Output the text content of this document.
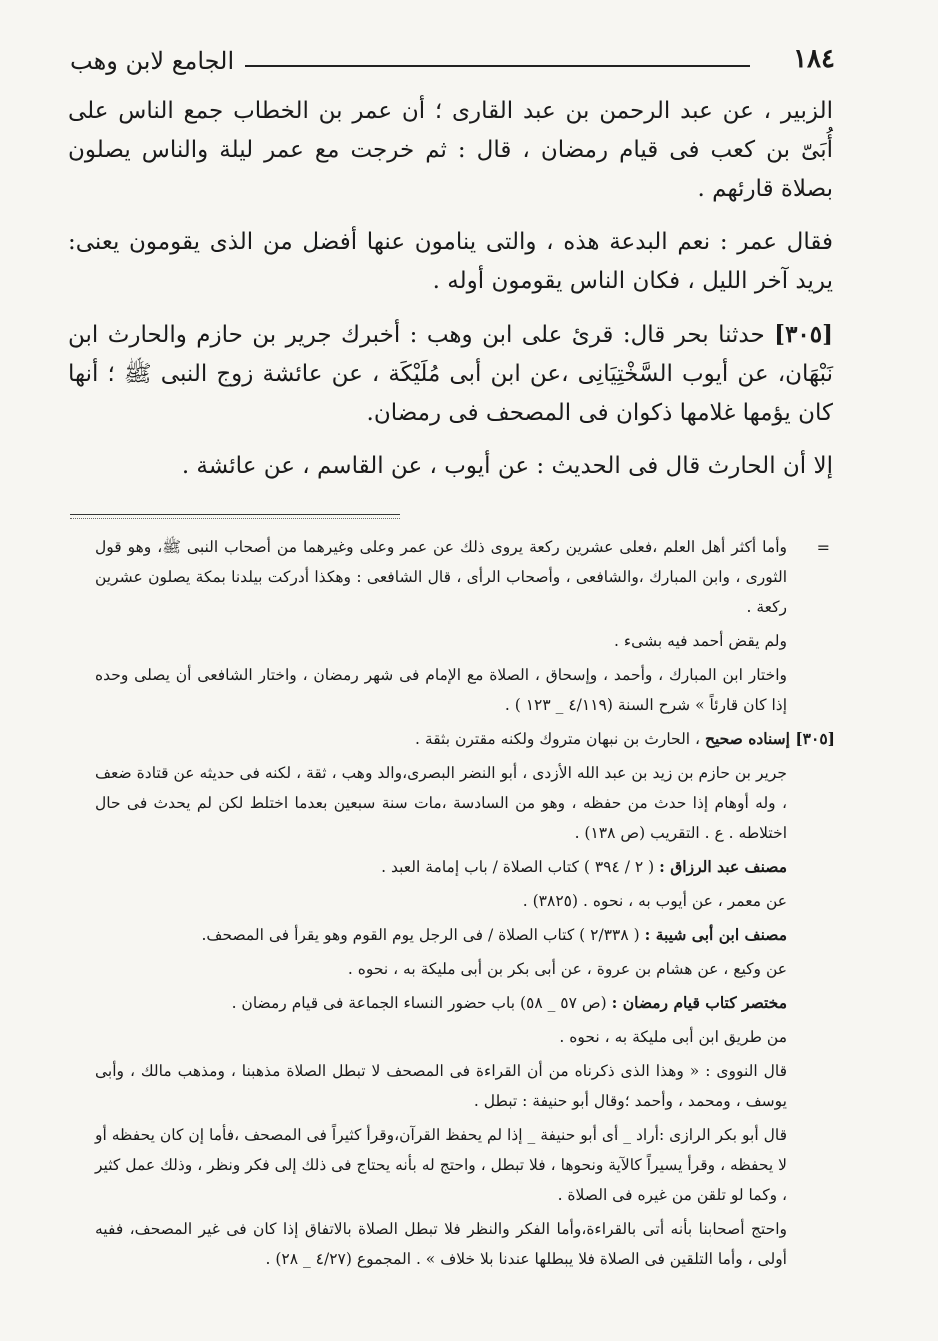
١٨٤
الجامع لابن وهب

الزبير ، عن عبد الرحمن بن عبد القارى ؛ أن عمر بن الخطاب جمع الناس على أُبَىّ بن كعب فى قيام رمضان ، قال : ثم خرجت مع عمر ليلة والناس يصلون بصلاة قارئهم .

فقال عمر : نعم البدعة هذه ، والتى ينامون عنها أفضل من الذى يقومون يعنى: يريد آخر الليل ، فكان الناس يقومون أوله .

[٣٠٥] حدثنا بحر قال: قرئ على ابن وهب : أخبرك جرير بن حازم والحارث ابن نَبْهَان، عن أيوب السَّخْتِيَانِى ،عن ابن أبى مُلَيْكَة ، عن عائشة زوج النبى ﷺ ؛ أنها كان يؤمها غلامها ذكوان فى المصحف فى رمضان.

إلا أن الحارث قال فى الحديث : عن أيوب ، عن القاسم ، عن عائشة .

=

وأما أكثر أهل العلم ،فعلى عشرين ركعة يروى ذلك عن عمر وعلى وغيرهما من أصحاب النبى ﷺ، وهو قول الثورى ، وابن المبارك ،والشافعى ، وأصحاب الرأى ، قال الشافعى : وهكذا أدركت بيلدنا بمكة يصلون عشرين ركعة .

ولم يقض أحمد فيه بشىء .

واختار ابن المبارك ، وأحمد ، وإسحاق ، الصلاة مع الإمام فى شهر رمضان ، واختار الشافعى أن يصلى وحده إذا كان قارئاً » شرح السنة (٤/١١٩ _ ١٢٣ ) .

[٣٠٥] إسناده صحيح ، الحارث بن نبهان متروك ولكنه مقترن بثقة .

جرير بن حازم بن زيد بن عبد الله الأزدى ، أبو النضر البصرى،والد وهب ، ثقة ، لكنه فى حديثه عن قتادة ضعف ، وله أوهام إذا حدث من حفظه ، وهو من السادسة ،مات سنة سبعين بعدما اختلط لكن لم يحدث فى حال اختلاطه . ع . التقريب (ص ١٣٨) .

مصنف عبد الرزاق : ( ٢ / ٣٩٤ ) كتاب الصلاة / باب إمامة العبد .

عن معمر ، عن أيوب به ، نحوه . (٣٨٢٥) .

مصنف ابن أبى شيبة : ( ٢/٣٣٨ ) كتاب الصلاة / فى الرجل يوم القوم وهو يقرأ فى المصحف.

عن وكيع ، عن هشام بن عروة ، عن أبى بكر بن أبى مليكة به ، نحوه .

مختصر كتاب قيام رمضان : (ص ٥٧ _ ٥٨) باب حضور النساء الجماعة فى قيام رمضان .

من طريق ابن أبى مليكة به ، نحوه .

قال النووى : « وهذا الذى ذكرناه من أن القراءة فى المصحف لا تبطل الصلاة مذهبنا ، ومذهب مالك ، وأبى يوسف ، ومحمد ، وأحمد ؛وقال أبو حنيفة : تبطل .

قال أبو بكر الرازى :أراد _ أى أبو حنيفة _ إذا لم يحفظ القرآن،وقرأ كثيراً فى المصحف ،فأما إن كان يحفظه أو لا يحفظه ، وقرأ يسيراً كالآية ونحوها ، فلا تبطل ، واحتج له بأنه يحتاج فى ذلك إلى فكر ونظر ، وذلك عمل كثير ، وكما لو تلقن من غيره فى الصلاة .

واحتج أصحابنا بأنه أتى بالقراءة،وأما الفكر والنظر فلا تبطل الصلاة بالاتفاق إذا كان فى غير المصحف، ففيه أولى ، وأما التلقين فى الصلاة فلا يبطلها عندنا بلا خلاف » . المجموع (٤/٢٧ _ ٢٨) .
